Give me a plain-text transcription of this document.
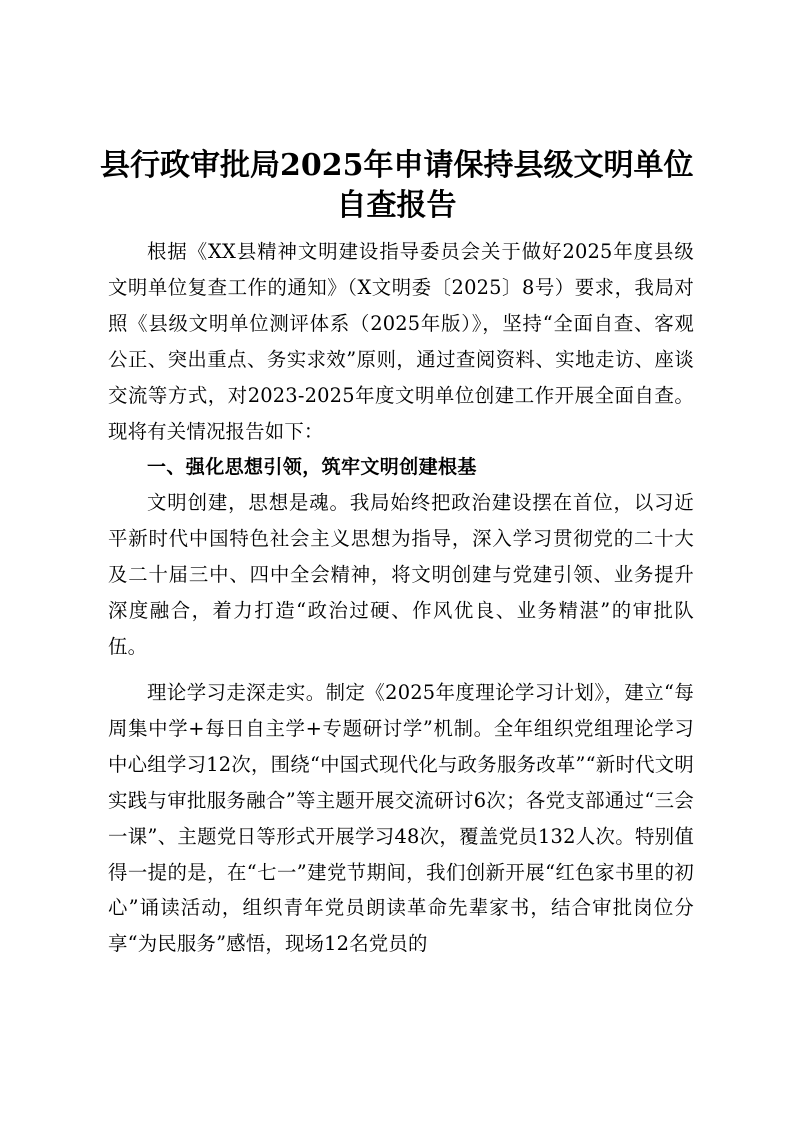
县行政审批局2025年申请保持县级文明单位
自查报告

根据《XX县精神文明建设指导委员会关于做好2025年度县级文明单位复查工作的通知》（X文明委〔2025〕8号）要求，我局对照《县级文明单位测评体系（2025年版）》，坚持“全面自查、客观公正、突出重点、务实求效”原则，通过查阅资料、实地走访、座谈交流等方式，对2023-2025年度文明单位创建工作开展全面自查。现将有关情况报告如下：

一、强化思想引领，筑牢文明创建根基

文明创建，思想是魂。我局始终把政治建设摆在首位，以习近平新时代中国特色社会主义思想为指导，深入学习贯彻党的二十大及二十届三中、四中全会精神，将文明创建与党建引领、业务提升深度融合，着力打造“政治过硬、作风优良、业务精湛”的审批队伍。

理论学习走深走实。制定《2025年度理论学习计划》，建立“每周集中学+每日自主学+专题研讨学”机制。全年组织党组理论学习中心组学习12次，围绕“中国式现代化与政务服务改革”“新时代文明实践与审批服务融合”等主题开展交流研讨6次；各党支部通过“三会一课”、主题党日等形式开展学习48次，覆盖党员132人次。特别值得一提的是，在“七一”建党节期间，我们创新开展“红色家书里的初心”诵读活动，组织青年党员朗读革命先辈家书，结合审批岗位分享“为民服务”感悟，现场12名党员的
